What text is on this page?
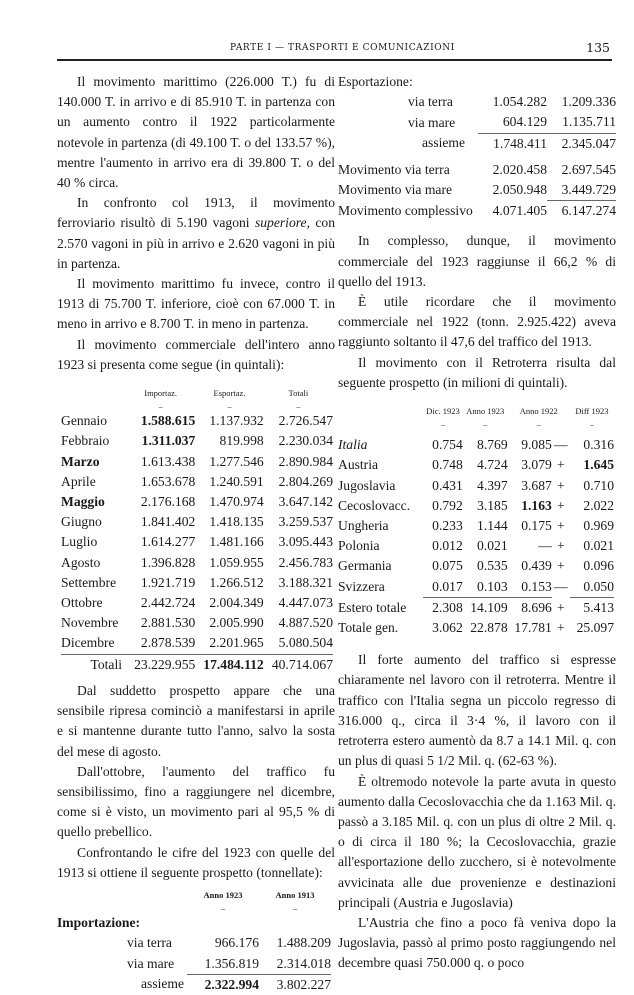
PARTE I — TRASPORTI E COMUNICAZIONI	135

Il movimento marittimo (226.000 T.) fu di 140.000 T. in arrivo e di 85.910 T. in partenza con un aumento contro il 1922 particolarmente notevole in partenza (di 49.100 T. o del 133.57 %), mentre l'aumento in arrivo era di 39.800 T. o del 40 % circa.

In confronto col 1913, il movimento ferroviario risultò di 5.190 vagoni superiore, con 2.570 vagoni in più in arrivo e 2.620 vagoni in più in partenza.

Il movimento marittimo fu invece, contro il 1913 di 75.700 T. inferiore, cioè con 67.000 T. in meno in arrivo e 8.700 T. in meno in partenza.

Il movimento commerciale dell'intero anno 1923 si presenta come segue (in quintali):

	Importaz.	Esportaz.	Totali
	–	–	–
Gennaio	1.588.615	1.137.932	2.726.547
Febbraio	1.311.037	819.998	2.230.034
Marzo	1.613.438	1.277.546	2.890.984
Aprile	1.653.678	1.240.591	2.804.269
Maggio	2.176.168	1.470.974	3.647.142
Giugno	1.841.402	1.418.135	3.259.537
Luglio	1.614.277	1.481.166	3.095.443
Agosto	1.396.828	1.059.955	2.456.783
Settembre	1.921.719	1.266.512	3.188.321
Ottobre	2.442.724	2.004.349	4.447.073
Novembre	2.881.530	2.005.990	4.887.520
Dicembre	2.878.539	2.201.965	5.080.504
Totali	23.229.955	17.484.112	40.714.067

Dal suddetto prospetto appare che una sensibile ripresa cominciò a manifestarsi in aprile e si mantenne durante tutto l'anno, salvo la sosta del mese di agosto.

Dall'ottobre, l'aumento del traffico fu sensibilissimo, fino a raggiungere nel dicembre, come si è visto, un movimento pari al 95,5 % di quello prebellico.

Confrontando le cifre del 1923 con quelle del 1913 si ottiene il seguente prospetto (tonnellate):

	Anno 1923	Anno 1913
	–	–
Importazione:		
via terra	966.176	1.488.209
via mare	1.356.819	2.314.018
assieme	2.322.994	3.802.227
Esportazione:		
via terra	1.054.282	1.209.336
via mare	604.129	1.135.711
assieme	1.748.411	2.345.047

Movimento via terra	2.020.458	2.697.545
Movimento via mare	2.050.948	3.449.729
Movimento complessivo	4.071.405	6.147.274

In complesso, dunque, il movimento commerciale del 1923 raggiunse il 66,2 % di quello del 1913.

È utile ricordare che il movimento commerciale nel 1922 (tonn. 2.925.422) aveva raggiunto soltanto il 47,6 del traffico del 1913.

Il movimento con il Retroterra risulta dal seguente prospetto (in milioni di quintali).

	Dic. 1923	Anno 1923	Anno 1922		Diff 1923
	–	–	–		–

Italia	0.754	8.769	9.085	—	0.316
Austria	0.748	4.724	3.079	+	1.645
Jugoslavia	0.431	4.397	3.687	+	0.710
Cecoslovacc.	0.792	3.185	1.163	+	2.022
Ungheria	0.233	1.144	0.175	+	0.969
Polonia	0.012	0.021	—	+	0.021
Germania	0.075	0.535	0.439	+	0.096
Svizzera	0.017	0.103	0.153	—	0.050
Estero totale	2.308	14.109	8.696	+	5.413
Totale gen.	3.062	22.878	17.781	+	25.097

Il forte aumento del traffico si espresse chiaramente nel lavoro con il retroterra. Mentre il traffico con l'Italia segna un piccolo regresso di 316.000 q., circa il 3·4 %, il lavoro con il retroterra estero aumentò da 8.7 a 14.1 Mil. q. con un plus di quasi 5 1/2 Mil. q. (62-63 %).

È oltremodo notevole la parte avuta in questo aumento dalla Cecoslovacchia che da 1.163 Mil. q. passò a 3.185 Mil. q. con un plus di oltre 2 Mil. q. o di circa il 180 %; la Cecoslovacchia, grazie all'esportazione dello zucchero, si è notevolmente avvicinata alle due provenienze e destinazioni principali (Austria e Jugoslavia)

L'Austria che fino a poco fà veniva dopo la Jugoslavia, passò al primo posto raggiungendo nel decembre quasi 750.000 q. o poco
